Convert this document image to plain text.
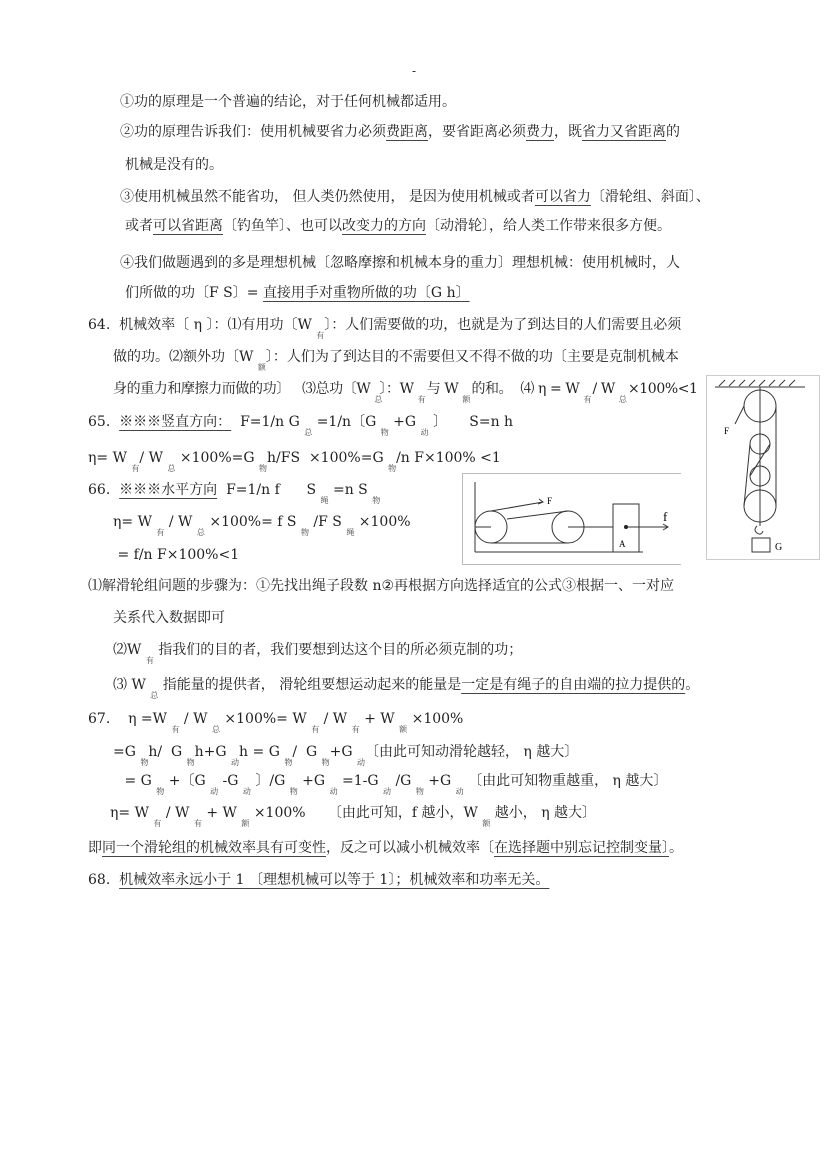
-
①功的原理是一个普遍的结论，对于任何机械都适用。
②功的原理告诉我们：使用机械要省力必须费距离，要省距离必须费力，既省力又省距离的
机械是没有的。
③使用机械虽然不能省功， 但人类仍然使用， 是因为使用机械或者可以省力〔滑轮组、斜面〕、
或者可以省距离〔钓鱼竿〕、也可以改变力的方向〔动滑轮〕，给人类工作带来很多方便。
④我们做题遇到的多是理想机械〔忽略摩擦和机械本身的重力〕理想机械：使用机械时，人
们所做的功〔F S〕= 直接用手对重物所做的功〔G h〕
64.  机械效率〔 η 〕：⑴有用功〔W $_有$〕：人们需要做的功，也就是为了到达目的人们需要且必须
做的功。⑵额外功〔W $_额$〕：人们为了到达目的不需要但又不得不做的功〔主要是克制机械本
身的重力和摩擦力而做的功〕   ⑶总功〔W 总〕：W 有 与 W 额 的和。  ⑷ η = W 有 / W 总 ×100%<1
65.  ※※※竖直方向：  F=1/n G $_总$ =1/n〔G $_物$ +G $_动$ 〕     S=n h
η= W $_有$/ W $_总$ ×100%=G $_物$h/FS  ×100%=G $_物$/n F×100% <1
66.  ※※※水平方向  F=1/n f      S $_绳$ =n S $_物$
η= W $_有$ / W $_总$ ×100%= f S $_物$ /F S $_绳$ ×100%
= f/n F×100%<1
⑴解滑轮组问题的步骤为：①先找出绳子段数 n②再根据方向选择适宜的公式③根据一、一对应
关系代入数据即可
⑵W $_有$ 指我们的目的者，我们要想到达这个目的所必须克制的功；
⑶ W $_总$ 指能量的提供者， 滑轮组要想运动起来的能量是一定是有绳子的自由端的拉力提供的。
67.    η =W $_有$ / W $_总$ ×100%= W $_有$ / W $_有$ + W $_额$ ×100%
=G $_物$h/  G $_物$h+G $_动$h = G $_物$/  G $_物$+G $_动$〔由此可知动滑轮越轻， η 越大〕
= G $_物$ +〔G $_动$ -G $_动$ 〕/G $_物$ +G $_动$ =1-G $_动$ /G $_物$ +G $_动$ 〔由此可知物重越重， η 越大〕
η= W $_有$ / W $_有$ + W $_额$ ×100%     〔由此可知，f 越小，W $_额$ 越小， η 越大〕
即同一个滑轮组的机械效率具有可变性，反之可以减小机械效率〔在选择题中别忘记控制变量〕。
68.  机械效率永远小于 1 〔理想机械可以等于 1〕；机械效率和功率无关。
F
f
A
F
G
